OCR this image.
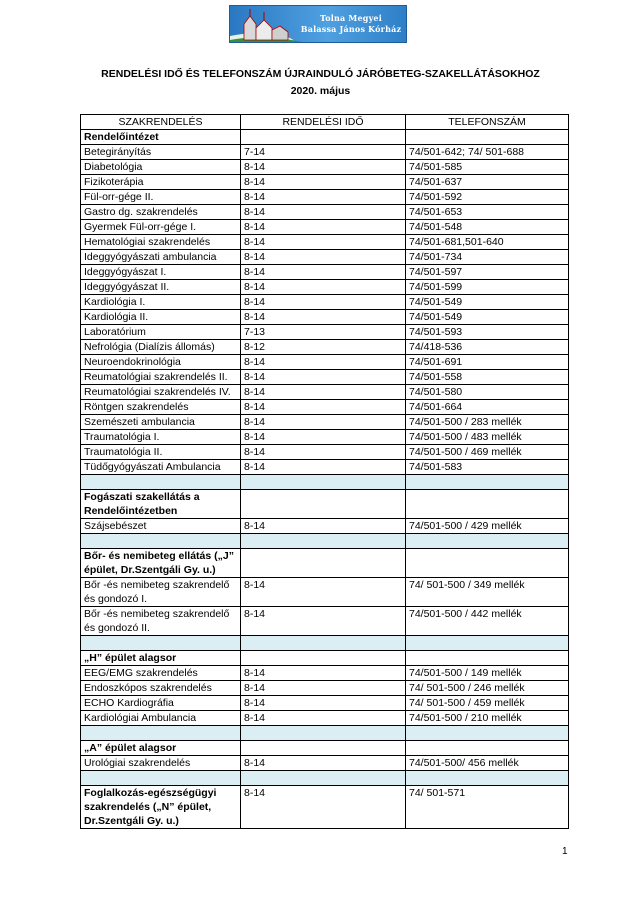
Tolna Megyei
Balassa János Kórház
RENDELÉSI IDŐ ÉS TELEFONSZÁM ÚJRAINDULÓ JÁRÓBETEG-SZAKELLÁTÁSOKHOZ
2020. május
SZAKRENDELÉS	RENDELÉSI IDŐ	TELEFONSZÁM
Rendelőintézet		
Betegirányítás	7-14	74/501-642; 74/ 501-688
Diabetológia	8-14	74/501-585
Fizikoterápia	8-14	74/501-637
Fül-orr-gége II.	8-14	74/501-592
Gastro dg. szakrendelés	8-14	74/501-653
Gyermek Fül-orr-gége I.	8-14	74/501-548
Hematológiai szakrendelés	8-14	74/501-681,501-640
Ideggyógyászati ambulancia	8-14	74/501-734
Ideggyógyászat I.	8-14	74/501-597
Ideggyógyászat II.	8-14	74/501-599
Kardiológia I.	8-14	74/501-549
Kardiológia II.	8-14	74/501-549
Laboratórium	7-13	74/501-593
Nefrológia (Dialízis állomás)	8-12	74/418-536
Neuroendokrinológia	8-14	74/501-691
Reumatológiai szakrendelés II.	8-14	74/501-558
Reumatológiai szakrendelés IV.	8-14	74/501-580
Röntgen szakrendelés	8-14	74/501-664
Szemészeti ambulancia	8-14	74/501-500 / 283 mellék
Traumatológia I.	8-14	74/501-500 / 483 mellék
Traumatológia II.	8-14	74/501-500 / 469 mellék
Tüdőgyógyászati Ambulancia	8-14	74/501-583

Fogászati szakellátás a Rendelőintézetben		
Szájsebészet	8-14	74/501-500 / 429 mellék

Bőr- és nemibeteg ellátás („J” épület, Dr.Szentgáli Gy. u.)		
Bőr -és nemibeteg szakrendelő és gondozó I.	8-14	74/ 501-500 / 349 mellék
Bőr -és nemibeteg szakrendelő és gondozó II.	8-14	74/501-500 / 442 mellék

„H” épület alagsor		
EEG/EMG szakrendelés	8-14	74/501-500 / 149 mellék
Endoszkópos szakrendelés	8-14	74/ 501-500 / 246 mellék
ECHO Kardiográfia	8-14	74/ 501-500 / 459 mellék
Kardiológiai Ambulancia	8-14	74/501-500 / 210 mellék

„A” épület alagsor		
Urológiai szakrendelés	8-14	74/501-500/ 456 mellék

Foglalkozás-egészségügyi szakrendelés („N” épület, Dr.Szentgáli Gy. u.)	8-14	74/ 501-571
1
